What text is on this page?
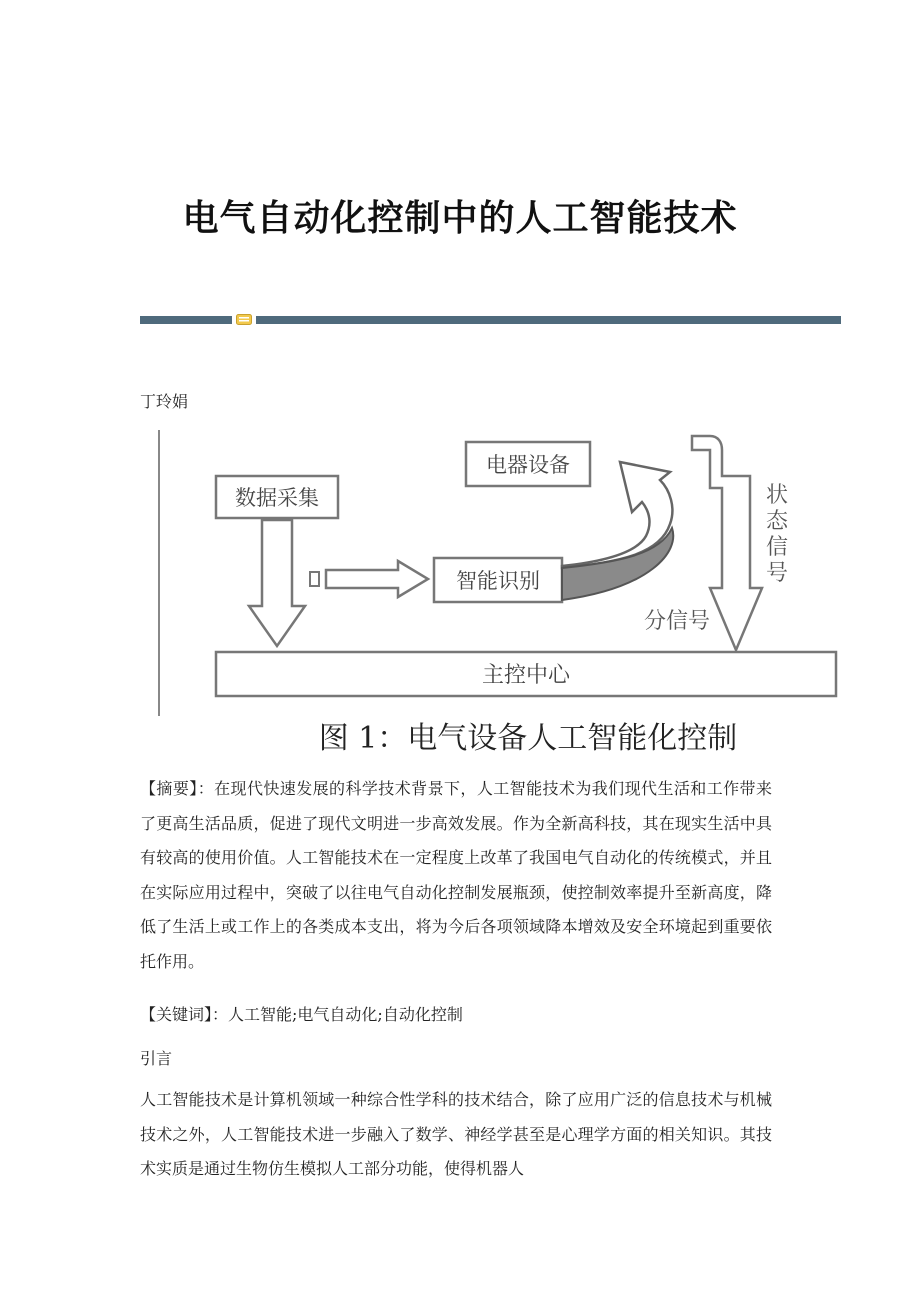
电气自动化控制中的人工智能技术
丁玲娟
数据采集
智能识别
电器设备
分信号
状 态 信 号
主控中心
图 1：电气设备人工智能化控制

【摘要】：在现代快速发展的科学技术背景下，人工智能技术为我们现代生活和工作带来了更高生活品质，促进了现代文明进一步高效发展。作为全新高科技，其在现实生活中具有较高的使用价值。人工智能技术在一定程度上改革了我国电气自动化的传统模式，并且在实际应用过程中，突破了以往电气自动化控制发展瓶颈，使控制效率提升至新高度，降低了生活上或工作上的各类成本支出，将为今后各项领域降本增效及安全环境起到重要依托作用。

【关键词】：人工智能;电气自动化;自动化控制

引言

人工智能技术是计算机领域一种综合性学科的技术结合，除了应用广泛的信息技术与机械技术之外，人工智能技术进一步融入了数学、神经学甚至是心理学方面的相关知识。其技术实质是通过生物仿生模拟人工部分功能，使得机器人
